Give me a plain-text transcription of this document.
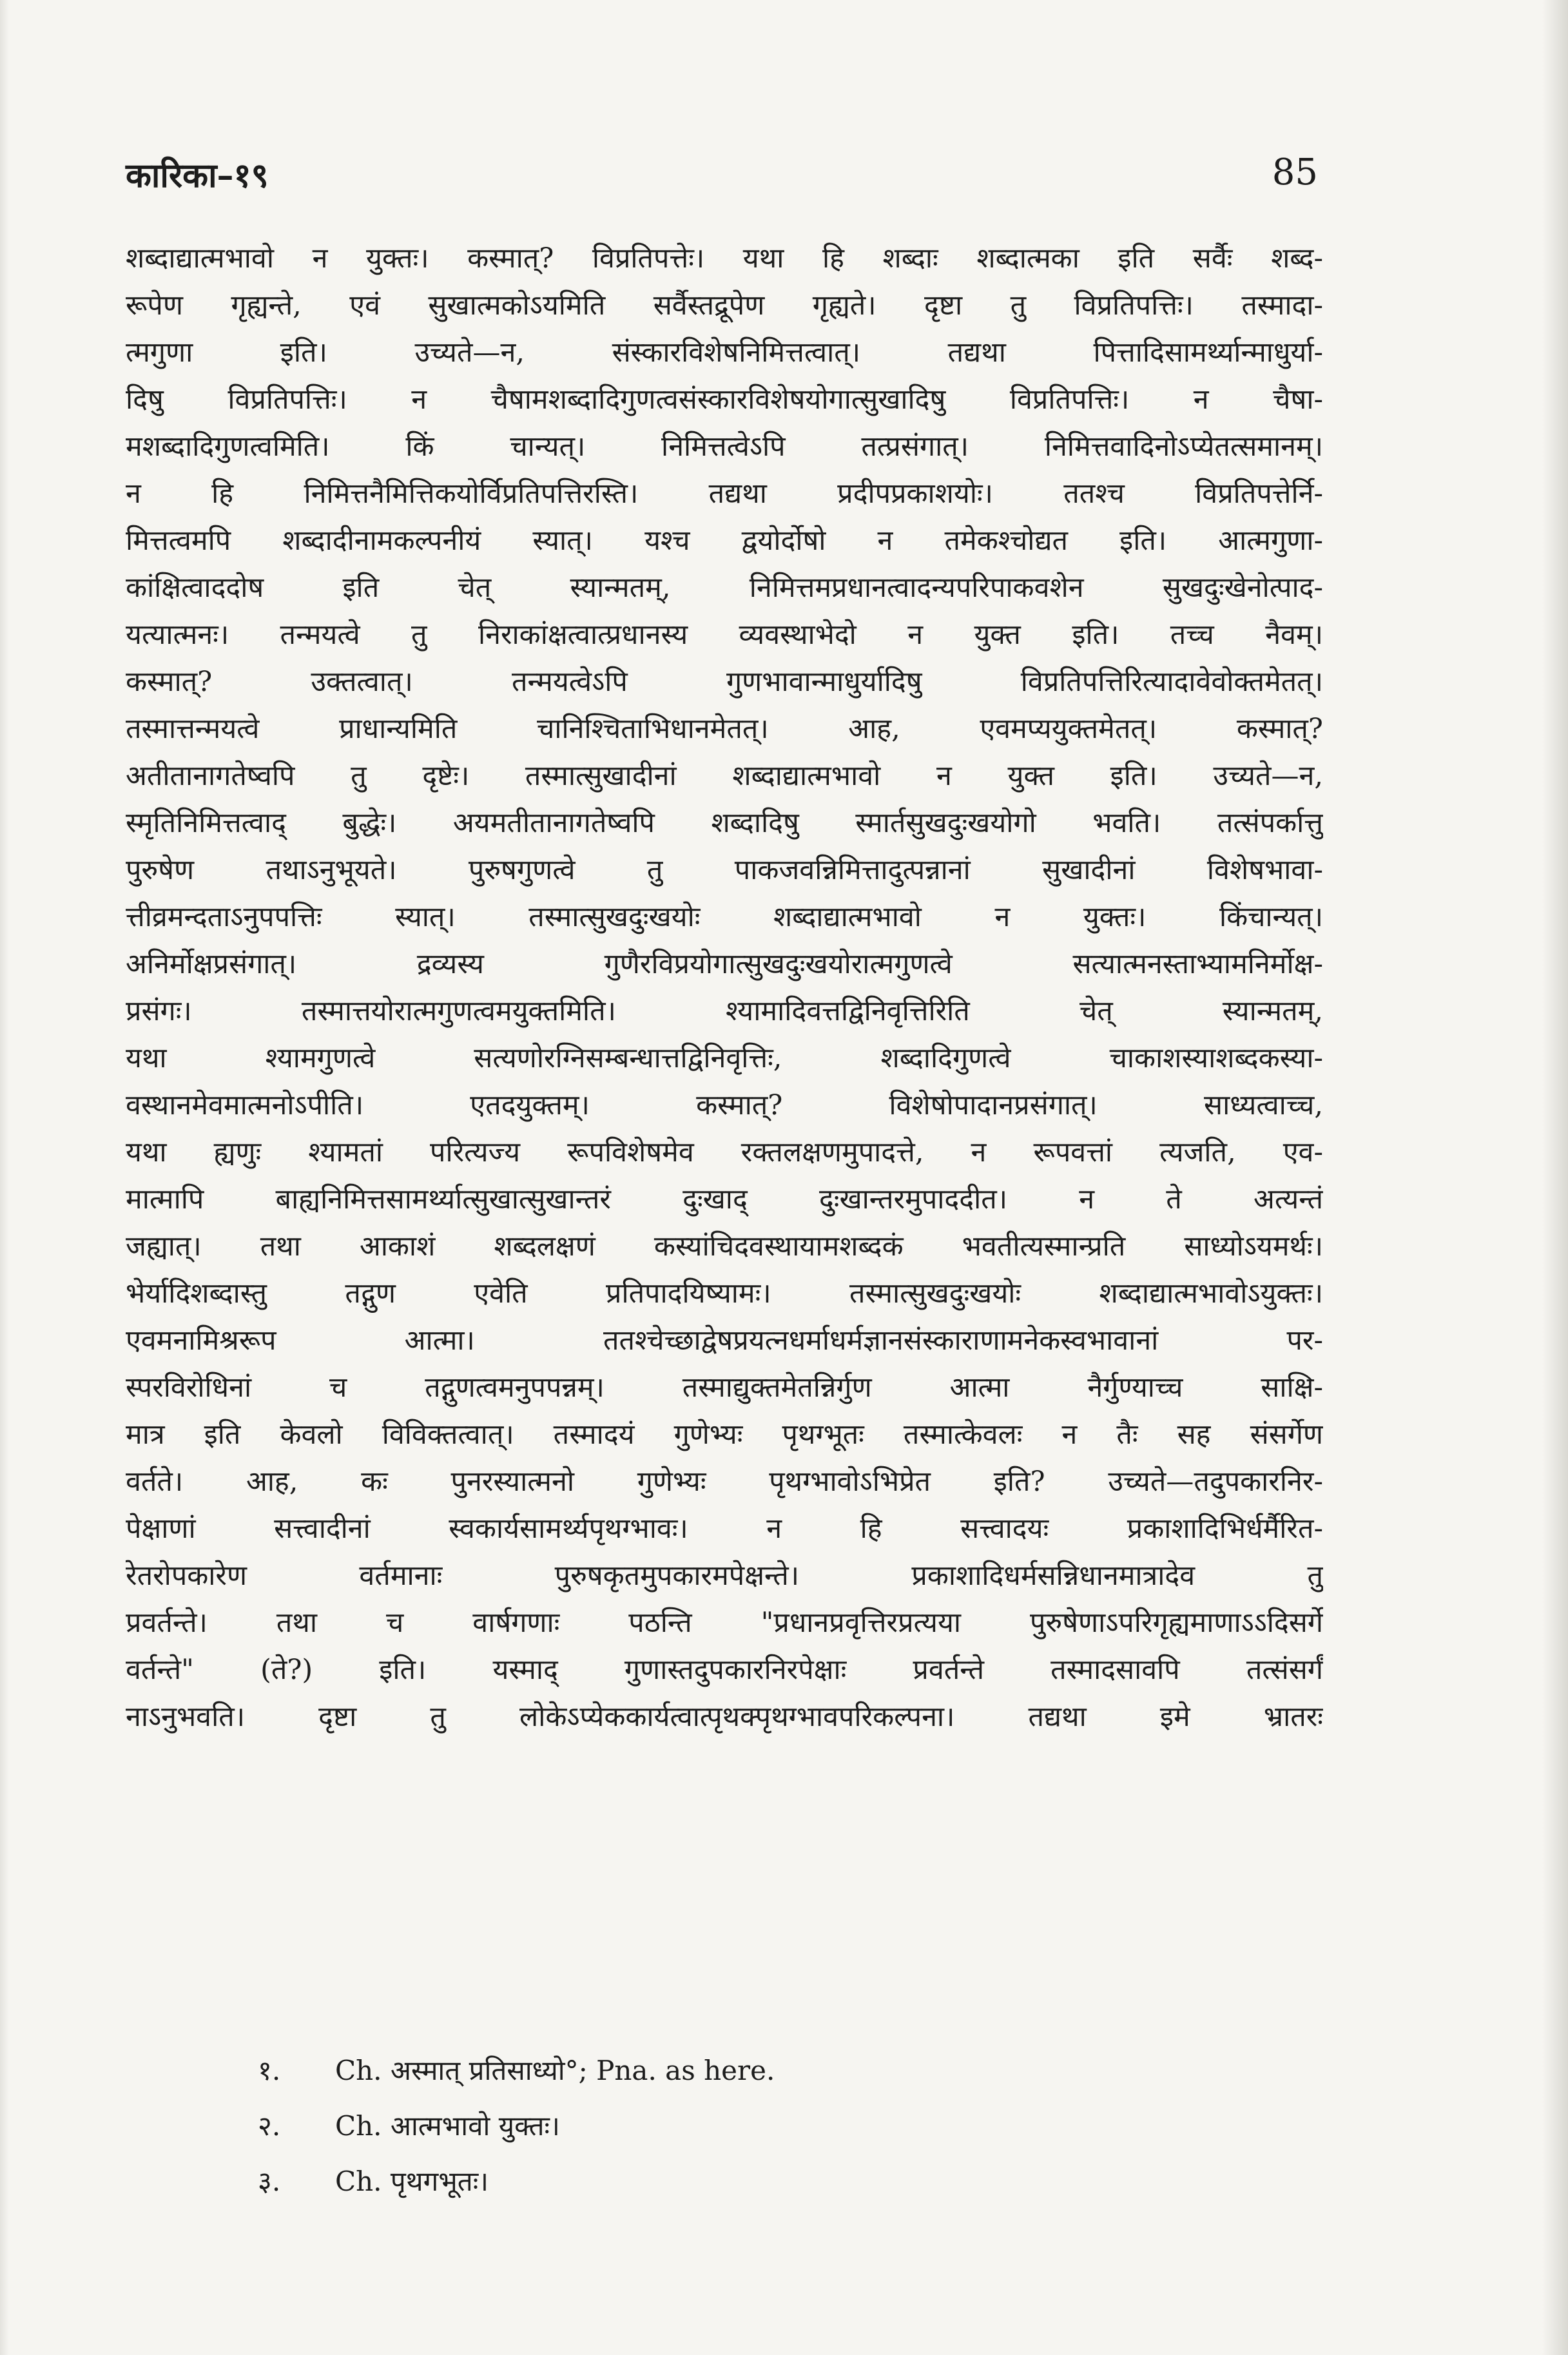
कारिका–१९	85
शब्दाद्यात्मभावो न युक्तः। कस्मात्? विप्रतिपत्तेः। यथा हि शब्दाः शब्दात्मका इति सर्वैः शब्द-
रूपेण गृह्यन्ते, एवं सुखात्मकोऽयमिति सर्वैस्तद्रूपेण गृह्यते। दृष्टा तु विप्रतिपत्तिः। तस्मादा-
त्मगुणा इति। उच्यते—न, संस्कारविशेषनिमित्तत्वात्। तद्यथा पित्तादिसामर्थ्यान्माधुर्या-
दिषु विप्रतिपत्तिः। न चैषामशब्दादिगुणत्वसंस्कारविशेषयोगात्सुखादिषु विप्रतिपत्तिः। न चैषा-
मशब्दादिगुणत्वमिति। किं चान्यत्। निमित्तत्वेऽपि तत्प्रसंगात्। निमित्तवादिनोऽप्येतत्समानम्।
न हि निमित्तनैमित्तिकयोर्विप्रतिपत्तिरस्ति। तद्यथा प्रदीपप्रकाशयोः। ततश्च विप्रतिपत्तेर्नि-
मित्तत्वमपि शब्दादीनामकल्पनीयं स्यात्। यश्च द्वयोर्दोषो न तमेकश्चोद्यत इति। आत्मगुणा-
कांक्षित्वाददोष इति चेत् स्यान्मतम्, निमित्तमप्रधानत्वादन्यपरिपाकवशेन सुखदुःखेनोत्पाद-
यत्यात्मनः। तन्मयत्वे तु निराकांक्षत्वात्प्रधानस्य व्यवस्थाभेदो न युक्त इति। तच्च नैवम्।
कस्मात्? उक्तत्वात्। तन्मयत्वेऽपि गुणभावान्माधुर्यादिषु विप्रतिपत्तिरित्यादावेवोक्तमेतत्।
तस्मात्तन्मयत्वे प्राधान्यमिति चानिश्चिताभिधानमेतत्। आह, एवमप्ययुक्तमेतत्। कस्मात्?
अतीतानागतेष्वपि तु दृष्टेः। तस्मात्सुखादीनां शब्दाद्यात्मभावो न युक्त इति। उच्यते—न,
स्मृतिनिमित्तत्वाद् बुद्धेः। अयमतीतानागतेष्वपि शब्दादिषु स्मार्तसुखदुःखयोगो भवति। तत्संपर्कात्तु
पुरुषेण तथाऽनुभूयते। पुरुषगुणत्वे तु पाकजवन्निमित्तादुत्पन्नानां सुखादीनां विशेषभावा-
त्तीव्रमन्दताऽनुपपत्तिः स्यात्। तस्मात्सुखदुःखयोः शब्दाद्यात्मभावो न युक्तः। किंचान्यत्।
अनिर्मोक्षप्रसंगात्। द्रव्यस्य गुणैरविप्रयोगात्सुखदुःखयोरात्मगुणत्वे सत्यात्मनस्ताभ्यामनिर्मोक्ष-
प्रसंगः। तस्मात्तयोरात्मगुणत्वमयुक्तमिति। श्यामादिवत्तद्विनिवृत्तिरिति चेत् स्यान्मतम्,
यथा श्यामगुणत्वे सत्यणोरग्निसम्बन्धात्तद्विनिवृत्तिः, शब्दादिगुणत्वे चाकाशस्याशब्दकस्या-
वस्थानमेवमात्मनोऽपीति। एतदयुक्तम्। कस्मात्? विशेषोपादानप्रसंगात्। साध्यत्वाच्च,
यथा ह्यणुः श्यामतां परित्यज्य रूपविशेषमेव रक्तलक्षणमुपादत्ते, न रूपवत्तां त्यजति, एव-
मात्मापि बाह्यनिमित्तसामर्थ्यात्सुखात्सुखान्तरं दुःखाद् दुःखान्तरमुपाददीत। न ते अत्यन्तं
जह्यात्। तथा आकाशं शब्दलक्षणं कस्यांचिदवस्थायामशब्दकं भवतीत्यस्मान्प्रति साध्योऽयमर्थः।
भेर्यादिशब्दास्तु तद्गुण एवेति प्रतिपादयिष्यामः। तस्मात्सुखदुःखयोः शब्दाद्यात्मभावोऽयुक्तः।
एवमनामिश्ररूप आत्मा। ततश्चेच्छाद्वेषप्रयत्नधर्माधर्मज्ञानसंस्काराणामनेकस्वभावानां पर-
स्परविरोधिनां च तद्गुणत्वमनुपपन्नम्। तस्माद्युक्तमेतन्निर्गुण आत्मा नैर्गुण्याच्च साक्षि-
मात्र इति केवलो विविक्तत्वात्। तस्मादयं गुणेभ्यः पृथग्भूतः तस्मात्केवलः न तैः सह संसर्गेण
वर्तते। आह, कः पुनरस्यात्मनो गुणेभ्यः पृथग्भावोऽभिप्रेत इति? उच्यते—तदुपकारनिर-
पेक्षाणां सत्त्वादीनां स्वकार्यसामर्थ्यपृथग्भावः। न हि सत्त्वादयः प्रकाशादिभिर्धर्मैरित-
रेतरोपकारेण वर्तमानाः पुरुषकृतमुपकारमपेक्षन्ते। प्रकाशादिधर्मसन्निधानमात्रादेव तु
प्रवर्तन्ते। तथा च वार्षगणाः पठन्ति "प्रधानप्रवृत्तिरप्रत्यया पुरुषेणाऽपरिगृह्यमाणाऽऽदिसर्गे
वर्तन्ते" (ते?) इति। यस्माद् गुणास्तदुपकारनिरपेक्षाः प्रवर्तन्ते तस्मादसावपि तत्संसर्गं
नाऽनुभवति। दृष्टा तु लोकेऽप्येककार्यत्वात्पृथक्पृथग्भावपरिकल्पना। तद्यथा इमे भ्रातरः
१. Ch. अस्मात् प्रतिसाध्यो°; Pna. as here.
२. Ch. आत्मभावो युक्तः।
३. Ch. पृथगभूतः।
